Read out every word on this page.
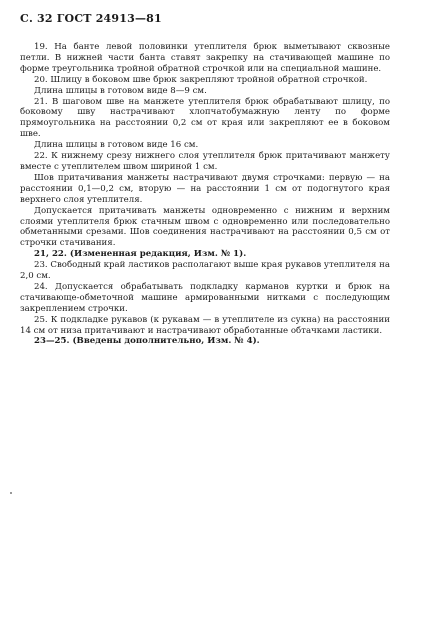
С. 32 ГОСТ 24913—81

19. На банте левой половинки утеплителя брюк выметывают сквозные петли. В нижней части банта ставят закрепку на стачивающей машине по форме треугольника тройной обратной строчкой или на специальной машине.

20. Шлицу в боковом шве брюк закрепляют тройной обратной строчкой.

Длина шлицы в готовом виде 8—9 см.

21. В шаговом шве на манжете утеплителя брюк обрабатывают шлицу, по боковому шву настрачивают хлопчатобумажную ленту по форме прямоугольника на расстоянии 0,2 см от края или закрепляют ее в боковом шве.

Длина шлицы в готовом виде 16 см.

22. К нижнему срезу нижнего слоя утеплителя брюк притачивают манжету вместе с утеплителем швом шириной 1 см.

Шов притачивания манжеты настрачивают двумя строчками: первую — на расстоянии 0,1—0,2 см, вторую — на расстоянии 1 см от подогнутого края верхнего слоя утеплителя.

Допускается притачивать манжеты одновременно с нижним и верхним слоями утеплителя брюк стачным швом с одновременно или последовательно обметанными срезами. Шов соединения настрачивают на расстоянии 0,5 см от строчки стачивания.

21, 22. (Измененная редакция, Изм. № 1).

23. Свободный край ластиков располагают выше края рукавов утеплителя на 2,0 см.

24. Допускается обрабатывать подкладку карманов куртки и брюк на стачивающе-обметочной машине армированными нитками с последующим закреплением строчки.

25. К подкладке рукавов (к рукавам — в утеплителе из сукна) на расстоянии 14 см от низа притачивают и настрачивают обработанные обтачками ластики.

23—25. (Введены дополнительно, Изм. № 4).
